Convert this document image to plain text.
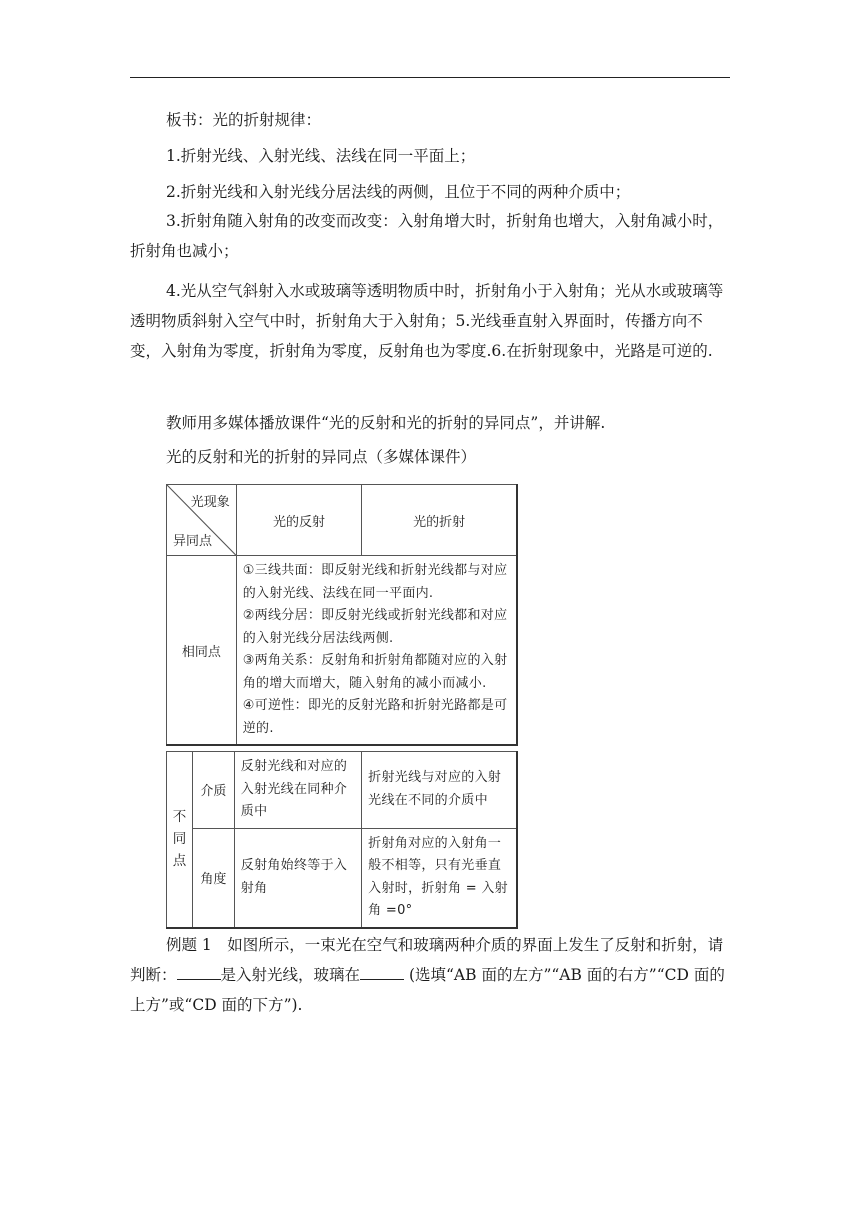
板书：光的折射规律：

1.折射光线、入射光线、法线在同一平面上；

2.折射光线和入射光线分居法线的两侧，且位于不同的两种介质中；

3.折射角随入射角的改变而改变：入射角增大时，折射角也增大，入射角减小时，折射角也减小；

4.光从空气斜射入水或玻璃等透明物质中时，折射角小于入射角；光从水或玻璃等透明物质斜射入空气中时，折射角大于入射角；5.光线垂直射入界面时，传播方向不变，入射角为零度，折射角为零度，反射角也为零度.6.在折射现象中，光路是可逆的.

教师用多媒体播放课件“光的反射和光的折射的异同点”，并讲解.

光的反射和光的折射的异同点（多媒体课件）

光现象
异同点	光的反射	光的折射
相同点	①三线共面：即反射光线和折射光线都与对应的入射光线、法线在同一平面内.
②两线分居：即反射光线或折射光线都和对应的入射光线分居法线两侧.
③两角关系：反射角和折射角都随对应的入射角的增大而增大，随入射角的减小而减小.
④可逆性：即光的反射光路和折射光路都是可逆的.	
不同点	介质	反射光线和对应的入射光线在同种介质中	折射光线与对应的入射光线在不同的介质中
	角度	反射角始终等于入射角	折射角对应的入射角一般不相等，只有光垂直入射时，折射角 = 入射角 =0°

例题 1　如图所示，一束光在空气和玻璃两种介质的界面上发生了反射和折射，请判断：	是入射光线，玻璃在	(选填“AB 面的左方”“AB 面的右方”“CD 面的上方”或“CD 面的下方”).
